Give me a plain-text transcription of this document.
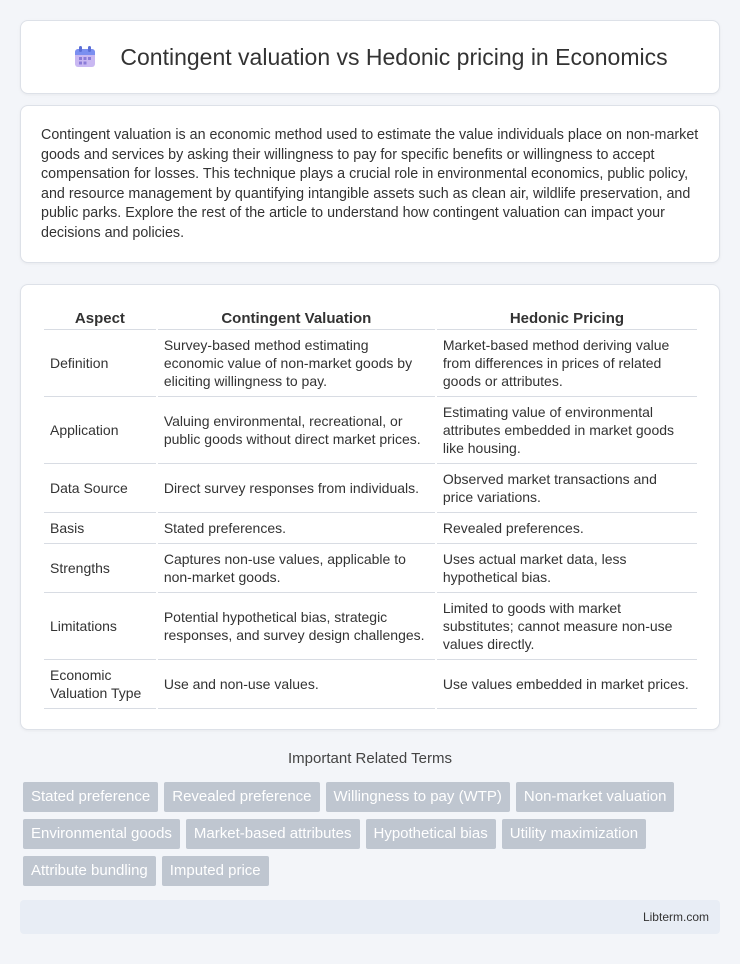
Contingent valuation vs Hedonic pricing in Economics

Contingent valuation is an economic method used to estimate the value individuals place on non-market goods and services by asking their willingness to pay for specific benefits or willingness to accept compensation for losses. This technique plays a crucial role in environmental economics, public policy, and resource management by quantifying intangible assets such as clean air, wildlife preservation, and public parks. Explore the rest of the article to understand how contingent valuation can impact your decisions and policies.

Aspect	Contingent Valuation	Hedonic Pricing
Definition	Survey-based method estimating economic value of non-market goods by eliciting willingness to pay.	Market-based method deriving value from differences in prices of related goods or attributes.
Application	Valuing environmental, recreational, or public goods without direct market prices.	Estimating value of environmental attributes embedded in market goods like housing.
Data Source	Direct survey responses from individuals.	Observed market transactions and price variations.
Basis	Stated preferences.	Revealed preferences.
Strengths	Captures non-use values, applicable to non-market goods.	Uses actual market data, less hypothetical bias.
Limitations	Potential hypothetical bias, strategic responses, and survey design challenges.	Limited to goods with market substitutes; cannot measure non-use values directly.
Economic Valuation Type	Use and non-use values.	Use values embedded in market prices.
Important Related Terms
Stated preference	Revealed preference	Willingness to pay (WTP)	Non-market valuation
Environmental goods	Market-based attributes	Hypothetical bias	Utility maximization
Attribute bundling	Imputed price
Libterm.com
